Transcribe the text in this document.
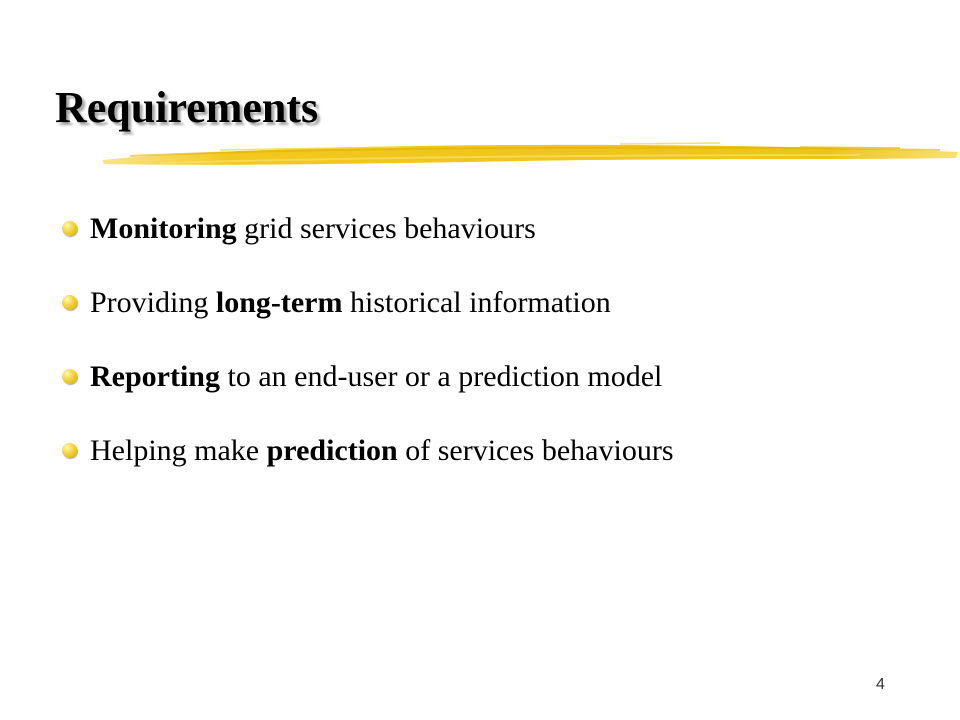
Requirements
Monitoring grid services behaviours
Providing long-term historical information
Reporting to an end-user or a prediction model
Helping make prediction of services behaviours
4
